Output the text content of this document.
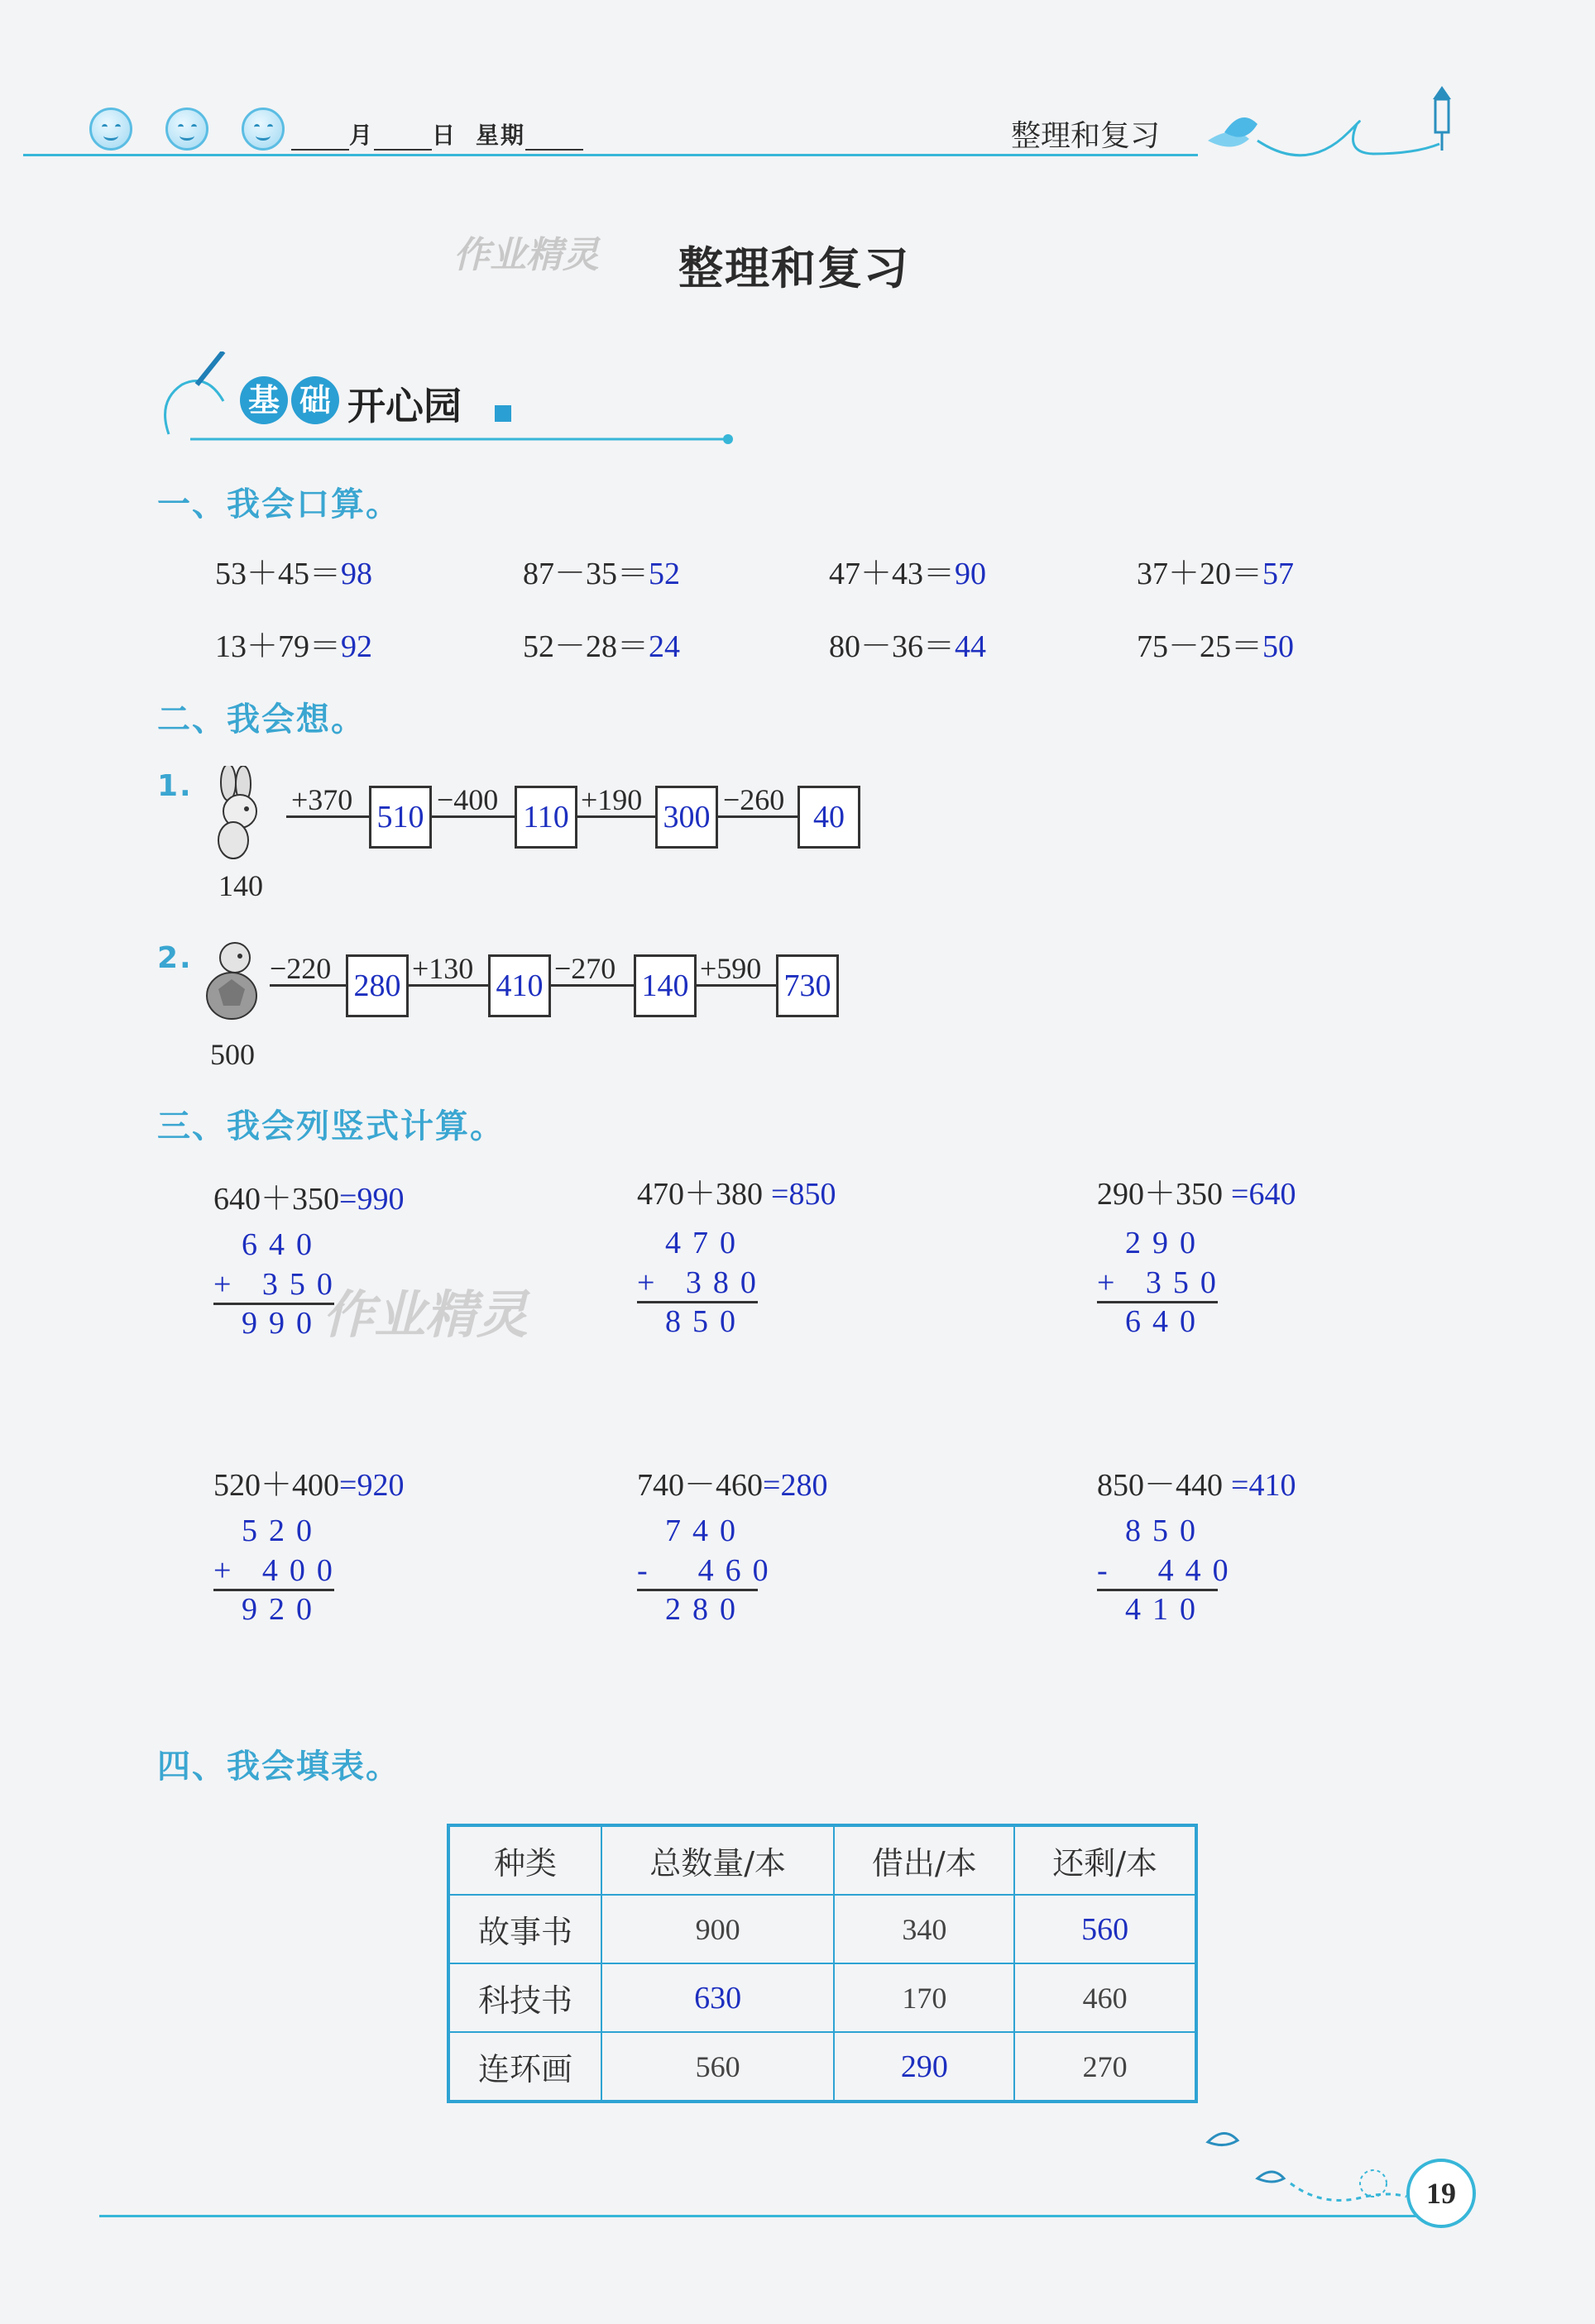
月	日 星期	整理和复习
作业精灵 整理和复习
基 础 开心园
一、我会口算。
53＋45＝98	87－35＝52	47＋43＝90	37＋20＝57
13＋79＝92	52－28＝24	80－36＝44	75－25＝50
二、我会想。
1.
140
+370 510 −400 110 +190 300 −260 40
2.
500
−220 280 +130 410 −270 140 +590 730
三、我会列竖式计算。
640＋350=990
640
+ 350
990 作业精灵
470＋380 =850
470
+ 380
850
290＋350 =640
290
+ 350
640
520＋400=920
520
+ 400
920
740－460=280
740
-  460
280
850－440 =410
850
-  440
410
四、我会填表。
种类	总数量/本	借出/本	还剩/本
故事书	900	340	560
科技书	630	170	460
连环画	560	290	270
19
